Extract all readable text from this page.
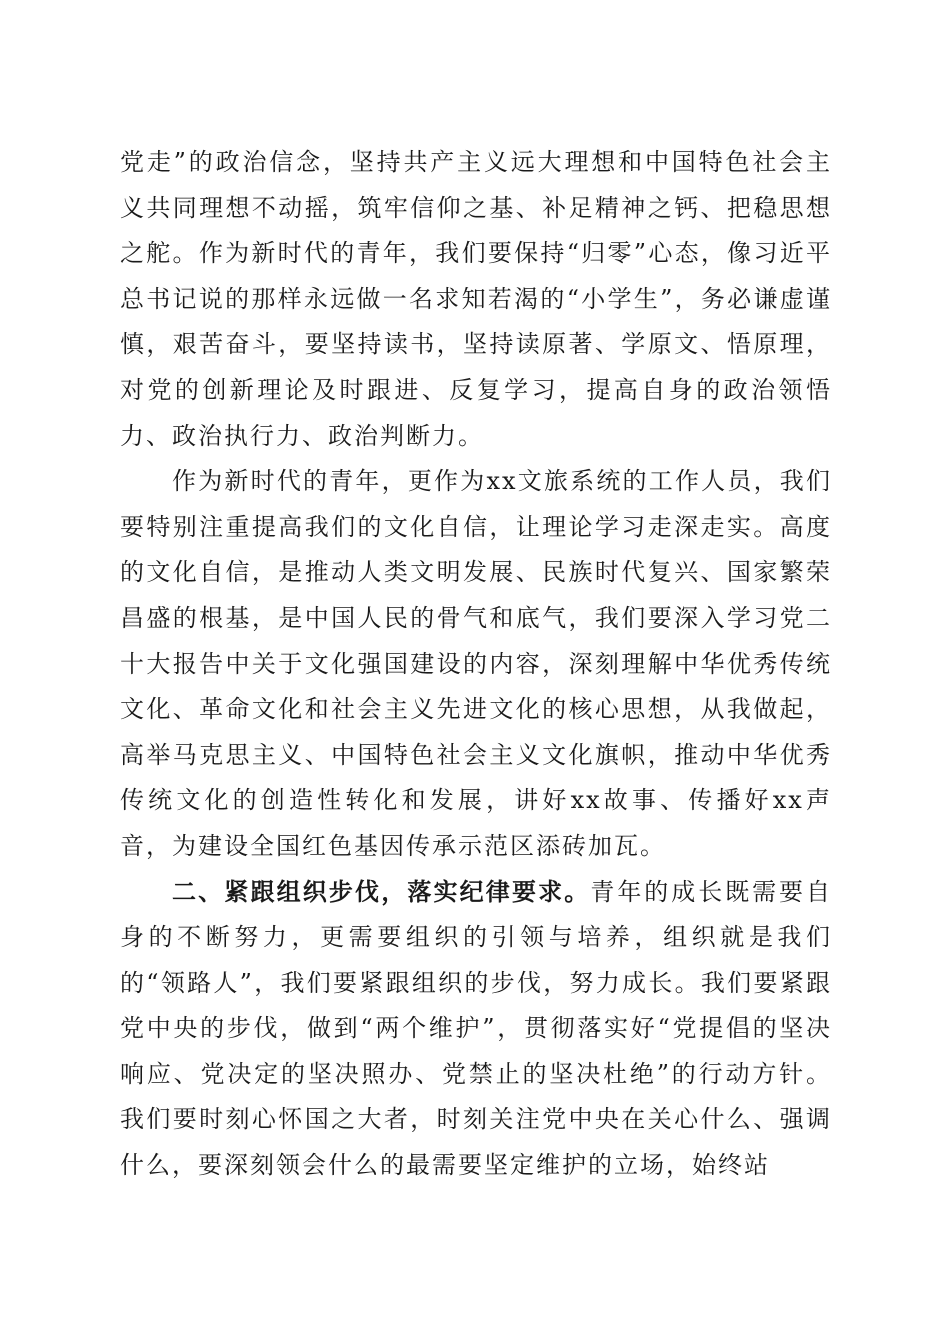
党走”的政治信念，坚持共产主义远大理想和中国特色社会主义共同理想不动摇，筑牢信仰之基、补足精神之钙、把稳思想之舵。作为新时代的青年，我们要保持“归零”心态，像习近平总书记说的那样永远做一名求知若渴的“小学生”，务必谦虚谨慎，艰苦奋斗，要坚持读书，坚持读原著、学原文、悟原理，对党的创新理论及时跟进、反复学习，提高自身的政治领悟力、政治执行力、政治判断力。

作为新时代的青年，更作为xx文旅系统的工作人员，我们要特别注重提高我们的文化自信，让理论学习走深走实。高度的文化自信，是推动人类文明发展、民族时代复兴、国家繁荣昌盛的根基，是中国人民的骨气和底气，我们要深入学习党二十大报告中关于文化强国建设的内容，深刻理解中华优秀传统文化、革命文化和社会主义先进文化的核心思想，从我做起，高举马克思主义、中国特色社会主义文化旗帜，推动中华优秀传统文化的创造性转化和发展，讲好xx故事、传播好xx声音，为建设全国红色基因传承示范区添砖加瓦。

二、紧跟组织步伐，落实纪律要求。青年的成长既需要自身的不断努力，更需要组织的引领与培养，组织就是我们的“领路人”，我们要紧跟组织的步伐，努力成长。我们要紧跟党中央的步伐，做到“两个维护”，贯彻落实好“党提倡的坚决响应、党决定的坚决照办、党禁止的坚决杜绝”的行动方针。我们要时刻心怀国之大者，时刻关注党中央在关心什么、强调什么，要深刻领会什么的最需要坚定维护的立场，始终站
